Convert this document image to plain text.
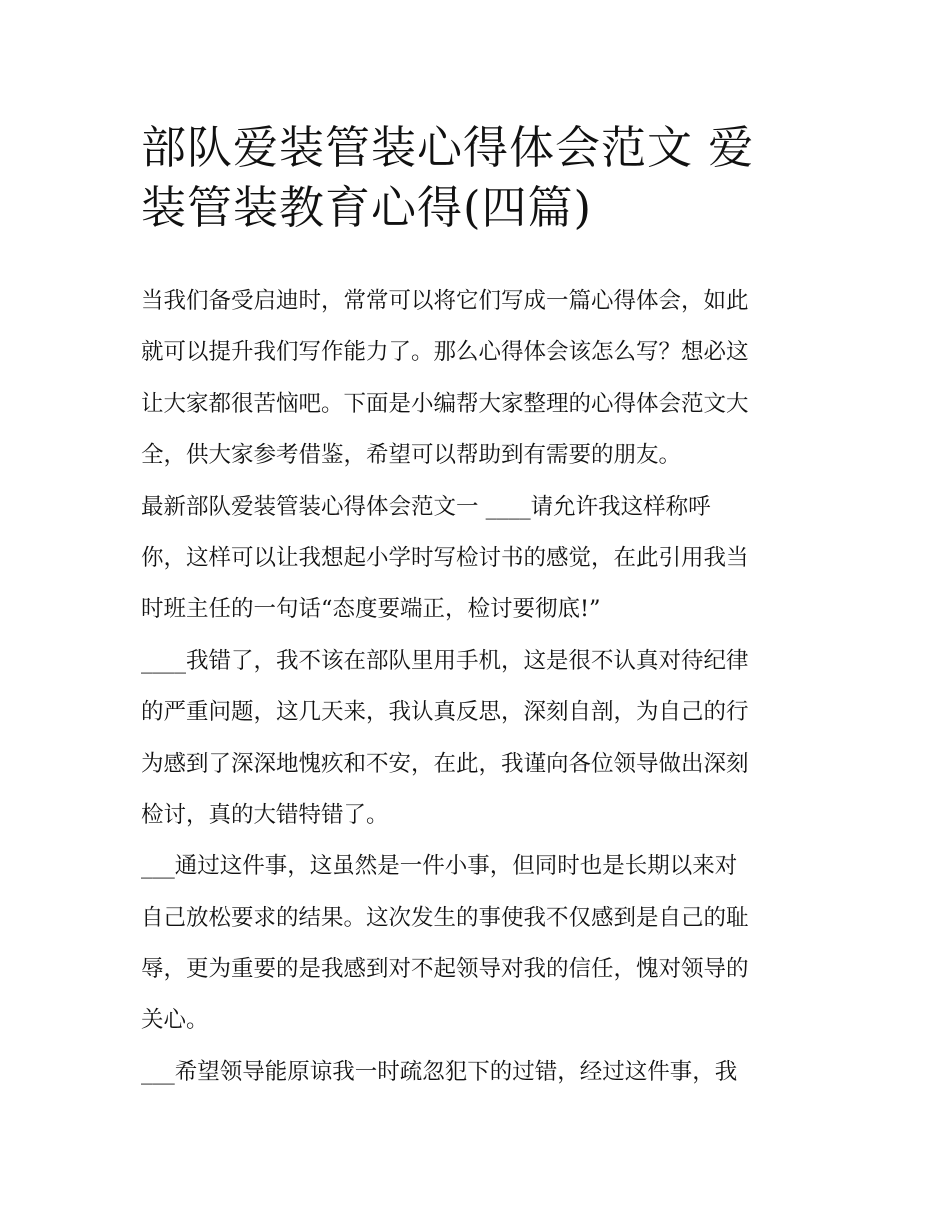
部队爱装管装心得体会范文 爱
装管装教育心得(四篇)
当我们备受启迪时，常常可以将它们写成一篇心得体会，如此
就可以提升我们写作能力了。那么心得体会该怎么写？想必这
让大家都很苦恼吧。下面是小编帮大家整理的心得体会范文大
全，供大家参考借鉴，希望可以帮助到有需要的朋友。
最新部队爱装管装心得体会范文一 ____请允许我这样称呼
你，这样可以让我想起小学时写检讨书的感觉，在此引用我当
时班主任的一句话“态度要端正，检讨要彻底!”
____我错了，我不该在部队里用手机，这是很不认真对待纪律
的严重问题，这几天来，我认真反思，深刻自剖，为自己的行
为感到了深深地愧疚和不安，在此，我谨向各位领导做出深刻
检讨，真的大错特错了。
___通过这件事，这虽然是一件小事，但同时也是长期以来对
自己放松要求的结果。这次发生的事使我不仅感到是自己的耻
辱，更为重要的是我感到对不起领导对我的信任，愧对领导的
关心。
___希望领导能原谅我一时疏忽犯下的过错，经过这件事，我
